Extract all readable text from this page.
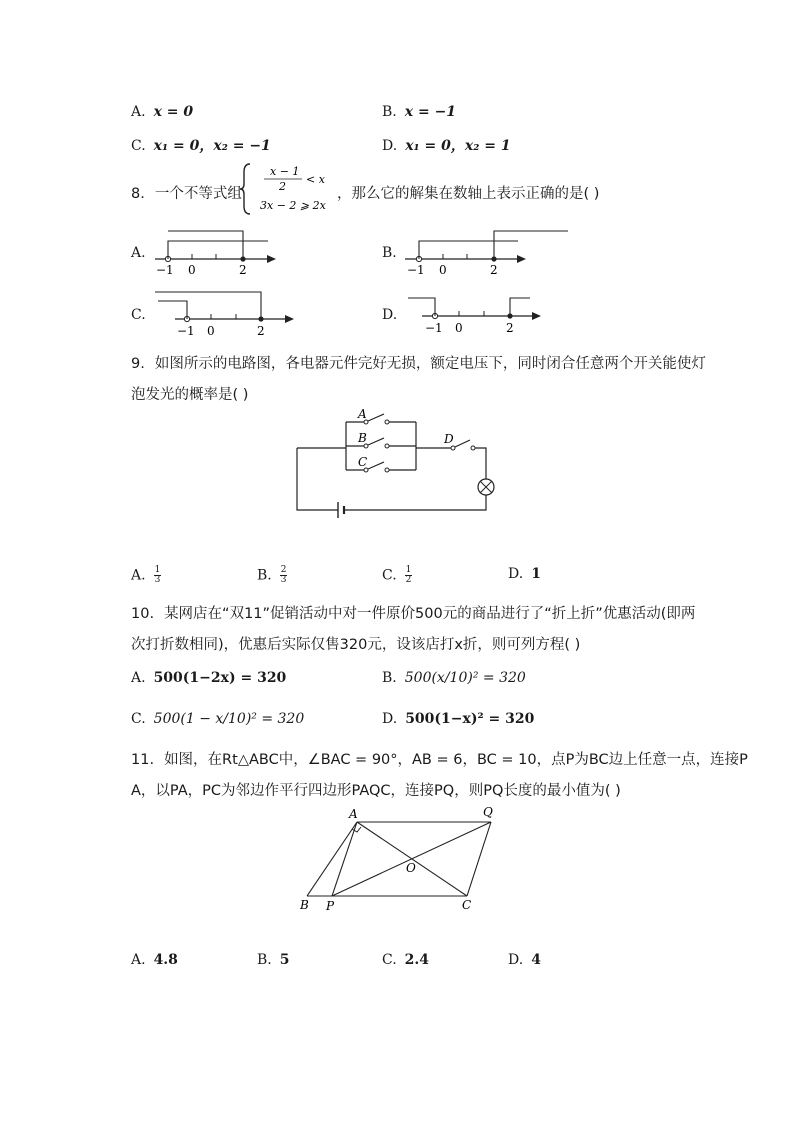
A. x = 0	B. x = −1
C. x₁ = 0，x₂ = −1	D. x₁ = 0，x₂ = 1
8. 一个不等式组
x − 1
2
< x
3x − 2 ⩾ 2x
，那么它的解集在数轴上表示正确的是( )
A.
−1 0	2
B.
−1 0	2
C.
−1 0	2
D.
−1 0	2
9. 如图所示的电路图，各电器元件完好无损，额定电压下，同时闭合任意两个开关能使灯
泡发光的概率是( )
A
B
C
D
A. $\frac{1}{3}$	B. $\frac{2}{3}$	C. $\frac{1}{2}$	D. 1
10. 某网店在“双11”促销活动中对一件原价500元的商品进行了“折上折”优惠活动(即两
次打折数相同)，优惠后实际仅售320元，设该店打x折，则可列方程( )
A. 500(1−2x) = 320	B. 500(x/10)² = 320
C. 500(1 − x/10)² = 320	D. 500(1−x)² = 320
11. 如图，在Rt△ABC中，∠BAC = 90°，AB = 6，BC = 10，点P为BC边上任意一点，连接P
A，以PA，PC为邻边作平行四边形PAQC，连接PQ，则PQ长度的最小值为( )
A	Q
O
B P	C
A. 4.8	B. 5	C. 2.4	D. 4
